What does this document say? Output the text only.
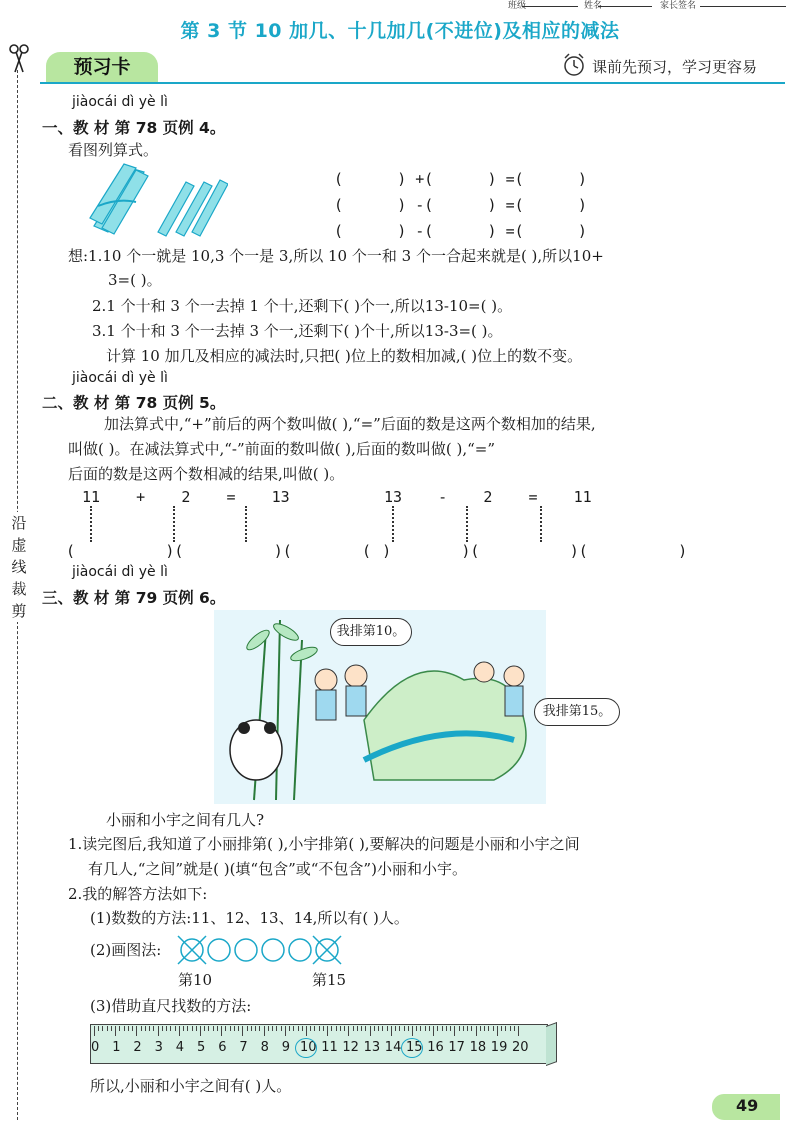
班级	姓名	家长签名
第 3 节 10 加几、十几加几(不进位)及相应的减法
沿
虚
线
裁
剪
预习卡	课前先预习，学习更容易
jiàocái dì yè lì
一、教 材 第 78 页例 4。
看图列算式。
(      ) +(      ) =(      )
(      ) -(      ) =(      )
(      ) -(      ) =(      )
想:1.10 个一就是 10,3 个一是 3,所以 10 个一和 3 个一合起来就是( ),所以10+
3=( )。
2.1 个十和 3 个一去掉 1 个十,还剩下( )个一,所以13-10=( )。
3.1 个十和 3 个一去掉 3 个一,还剩下( )个十,所以13-3=( )。
计算 10 加几及相应的减法时,只把( )位上的数相加减,( )位上的数不变。
jiàocái dì yè lì
二、教 材 第 78 页例 5。
加法算式中,“+”前后的两个数叫做( ),“=”后面的数是这两个数相加的结果,
叫做( )。在减法算式中,“-”前面的数叫做( ),后面的数叫做( ),“=”
后面的数是这两个数相减的结果,叫做( )。
11    +    2    =    13	13    -    2    =    11
(          )(          )(          )
(          )(          )(          )
jiàocái dì yè lì
三、教 材 第 79 页例 6。
我排第10。
我排第15。
小丽和小宇之间有几人?
1.读完图后,我知道了小丽排第( ),小宇排第( ),要解决的问题是小丽和小宇之间
有几人,“之间”就是( )(填“包含”或“不包含”)小丽和小宇。
2.我的解答方法如下:
(1)数数的方法:11、12、13、14,所以有( )人。
(2)画图法:
第10	第15
(3)借助直尺找数的方法:
0 1 2 3 4 5 6 7 8 9 10 11 12 13 14 15 16 17 18 19 20
所以,小丽和小宇之间有( )人。
49
